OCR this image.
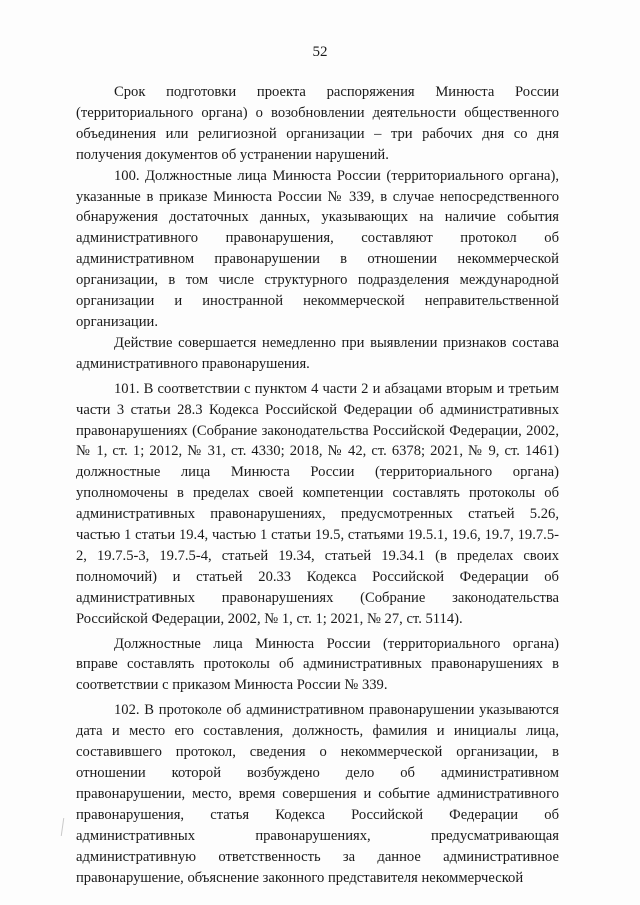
52

Срок подготовки проекта распоряжения Минюста России (территориального органа) о возобновлении деятельности общественного объединения или религиозной организации – три рабочих дня со дня получения документов об устранении нарушений.

100. Должностные лица Минюста России (территориального органа), указанные в приказе Минюста России № 339, в случае непосредственного обнаружения достаточных данных, указывающих на наличие события административного правонарушения, составляют протокол об административном правонарушении в отношении некоммерческой организации, в том числе структурного подразделения международной организации и иностранной некоммерческой неправительственной организации.

Действие совершается немедленно при выявлении признаков состава административного правонарушения.

101. В соответствии с пунктом 4 части 2 и абзацами вторым и третьим части 3 статьи 28.3 Кодекса Российской Федерации об административных правонарушениях (Собрание законодательства Российской Федерации, 2002, № 1, ст. 1; 2012, № 31, ст. 4330; 2018, № 42, ст. 6378; 2021, № 9, ст. 1461) должностные лица Минюста России (территориального органа) уполномочены в пределах своей компетенции составлять протоколы об административных правонарушениях, предусмотренных статьей 5.26, частью 1 статьи 19.4, частью 1 статьи 19.5, статьями 19.5.1, 19.6, 19.7, 19.7.5-2, 19.7.5-3, 19.7.5-4, статьей 19.34, статьей 19.34.1 (в пределах своих полномочий) и статьей 20.33 Кодекса Российской Федерации об административных правонарушениях (Собрание законодательства Российской Федерации, 2002, № 1, ст. 1; 2021, № 27, ст. 5114).

Должностные лица Минюста России (территориального органа) вправе составлять протоколы об административных правонарушениях в соответствии с приказом Минюста России № 339.

102. В протоколе об административном правонарушении указываются дата и место его составления, должность, фамилия и инициалы лица, составившего протокол, сведения о некоммерческой организации, в отношении которой возбуждено дело об административном правонарушении, место, время совершения и событие административного правонарушения, статья Кодекса Российской Федерации об административных правонарушениях, предусматривающая административную ответственность за данное административное правонарушение, объяснение законного представителя некоммерческой
